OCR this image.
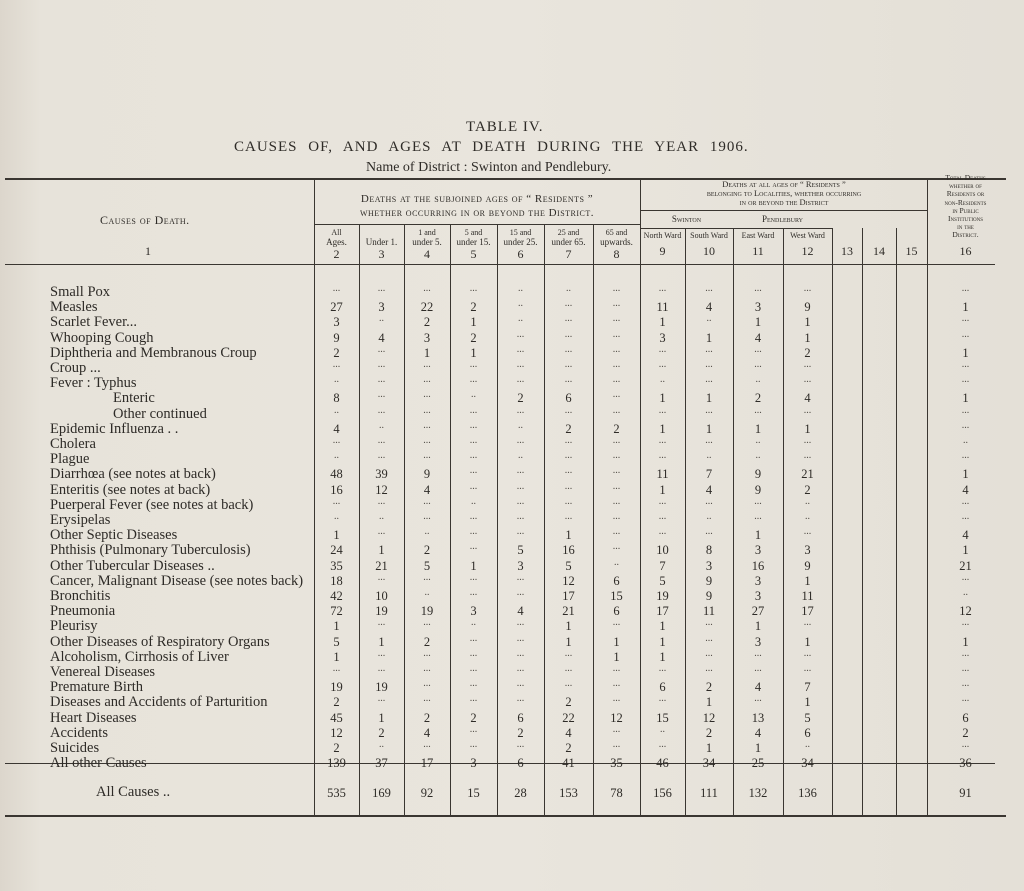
TABLE IV.
CAUSES OF, AND AGES AT DEATH DURING THE YEAR 1906.
Name of District : Swinton and Pendlebury.
Causes of Death.
1
Deaths at the subjoined ages of “ Residents ”
whether occurring in or beyond the District.
All
Ages.
2
Under 1.
3
1 and
under 5.
4
5 and
under 15.
5
15 and
under 25.
6
25 and
under 65.
7
65 and
upwards.
8
Deaths at all ages of “ Residents ”
belonging to Localities, whether occurring
in or beyond the District
Swinton	Pendlebury
North Ward
9
South Ward
10
East Ward
11
West Ward
12	13	14	15
Total Deaths
whether of
Residents or
non-Residents
in Public
Institutions
in the
District.
16
Small Pox	...	...	...	...	..	..	...	...	...	...	...	...
Measles	27	3	22	2	..	...	...	11	4	3	9	1
Scarlet Fever...	3	..	2	1	..	...	...	1	..	1	1	...
Whooping Cough	9	4	3	2	...	...	...	3	1	4	1	...
Diphtheria and Membranous Croup	2	...	1	1	...	...	...	...	...	...	2	1
Croup ...	...	...	...	...	...	...	...	...	...	...	...	...
Fever : Typhus	..	...	...	...	...	...	...	..	...	..	...	...
Enteric	8	...	...	..	2	6	...	1	1	2	4	1
Other continued	..	...	...	...	...	...	...	...	...	...	...	...
Epidemic Influenza . .	4	..	...	...	..	2	2	1	1	1	1	...
Cholera	...	...	...	...	...	...	...	...	...	..	...	..
Plague	..	...	...	...	..	...	...	...	..	..	...	...
Diarrhœa (see notes at back)	48	39	9	...	...	...	...	11	7	9	21	1
Enteritis (see notes at back)	16	12	4	...	...	...	...	1	4	9	2	4
Puerperal Fever (see notes at back)	...	...	...	..	...	...	...	...	...	...	..	...
Erysipelas	..	..	...	...	...	...	...	...	..	...	..	...
Other Septic Diseases	1	...	..	...	...	1	...	...	...	1	...	4
Phthisis (Pulmonary Tuberculosis)	24	1	2	...	5	16	...	10	8	3	3	1
Other Tubercular Diseases ..	35	21	5	1	3	5	..	7	3	16	9	21
Cancer, Malignant Disease (see notes back)	18	...	...	...	...	12	6	5	9	3	1	...
Bronchitis	42	10	..	...	...	17	15	19	9	3	11	..
Pneumonia	72	19	19	3	4	21	6	17	11	27	17	12
Pleurisy	1	...	...	..	...	1	...	1	...	1	...	...
Other Diseases of Respiratory Organs	5	1	2	...	...	1	1	1	...	3	1	1
Alcoholism, Cirrhosis of Liver	1	...	...	...	...	...	1	1	...	...	...	...
Venereal Diseases	...	...	...	...	...	...	...	...	...	...	...	...
Premature Birth	19	19	...	...	...	...	...	6	2	4	7	...
Diseases and Accidents of Parturition	2	...	...	...	...	2	...	...	1	...	1	...
Heart Diseases	45	1	2	2	6	22	12	15	12	13	5	6
Accidents	12	2	4	...	2	4	...	..	2	4	6	2
Suicides	2	..	...	...	...	2	...	...	1	1	..	...
All other Causes	139	37	17	3	6	41	35	46	34	25	34	36
All Causes ..	535	169	92	15	28	153	78	156	111	132	136	91
